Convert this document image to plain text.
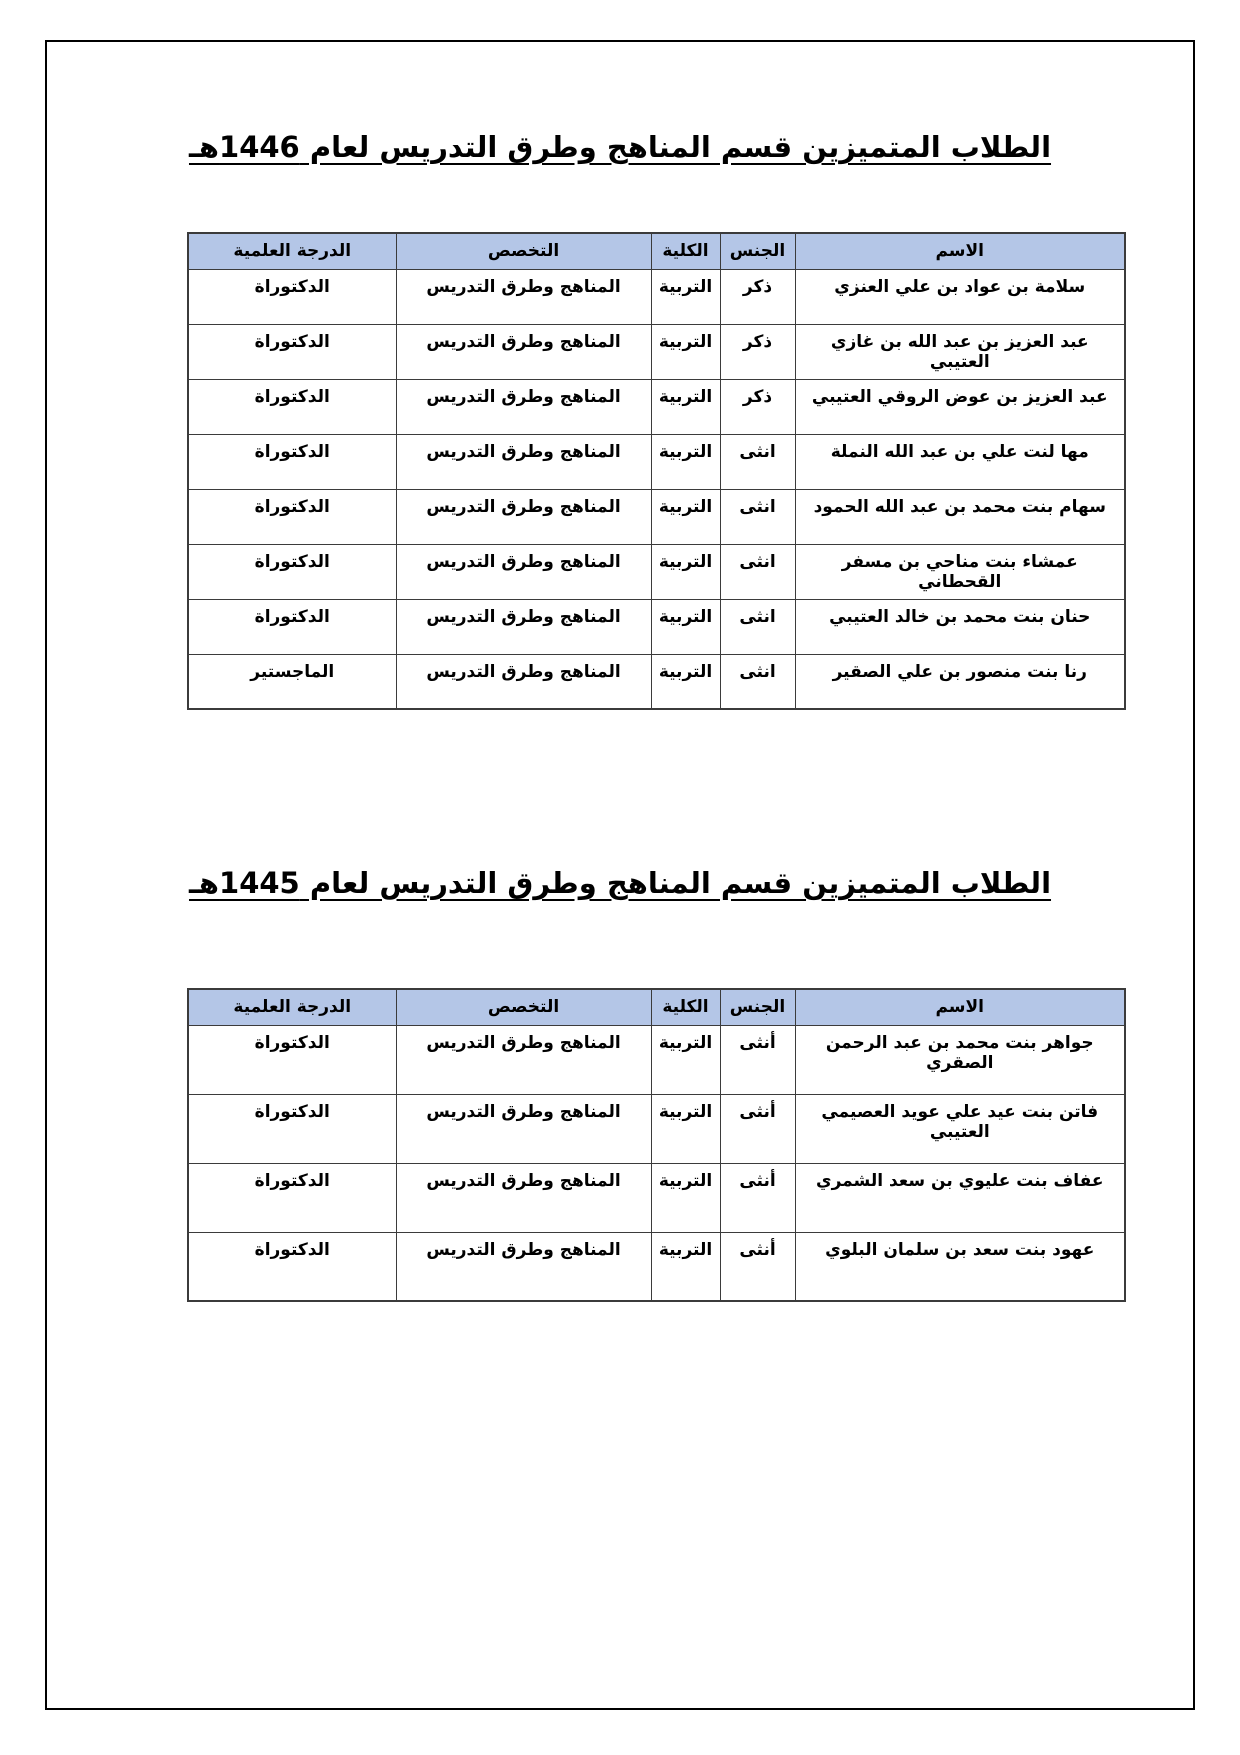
الطلاب المتميزين قسم المناهج وطرق التدريس لعام 1446هـ
الاسم	الجنس	الكلية	التخصص	الدرجة العلمية
سلامة بن عواد بن علي العنزي	ذكر	التربية	المناهج وطرق التدريس	الدكتوراة
عبد العزيز بن عبد الله بن غازي العتيبي	ذكر	التربية	المناهج وطرق التدريس	الدكتوراة
عبد العزيز بن عوض الروقي العتيبي	ذكر	التربية	المناهج وطرق التدريس	الدكتوراة
مها لنت علي بن عبد الله النملة	انثى	التربية	المناهج وطرق التدريس	الدكتوراة
سهام بنت محمد بن عبد الله الحمود	انثى	التربية	المناهج وطرق التدريس	الدكتوراة
عمشاء بنت مناحي بن مسفر القحطاني	انثى	التربية	المناهج وطرق التدريس	الدكتوراة
حنان بنت محمد بن خالد العتيبي	انثى	التربية	المناهج وطرق التدريس	الدكتوراة
رنا بنت منصور بن علي الصقير	انثى	التربية	المناهج وطرق التدريس	الماجستير
الطلاب المتميزين قسم المناهج وطرق التدريس لعام 1445هـ
الاسم	الجنس	الكلية	التخصص	الدرجة العلمية
جواهر بنت محمد بن عبد الرحمن الصقري	أنثى	التربية	المناهج وطرق التدريس	الدكتوراة
فاتن بنت عيد علي عويد العصيمي العتيبي	أنثى	التربية	المناهج وطرق التدريس	الدكتوراة
عفاف بنت عليوي بن سعد الشمري	أنثى	التربية	المناهج وطرق التدريس	الدكتوراة
عهود بنت سعد بن سلمان البلوي	أنثى	التربية	المناهج وطرق التدريس	الدكتوراة
